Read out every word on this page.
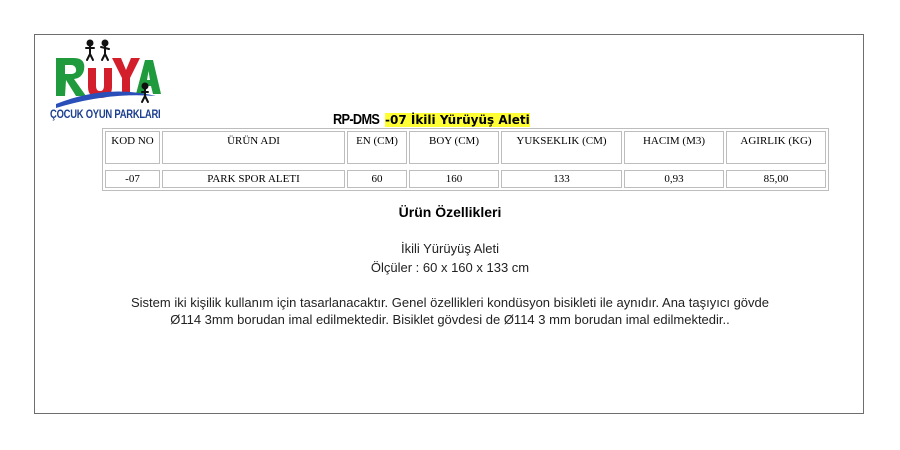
ÇOCUK OYUN PARKLARI	RP-DMS -07 İkili Yürüyüş Aleti
KOD NO	ÜRÜN ADI	EN (CM)	BOY (CM)	YUKSEKLIK (CM)	HACIM (M3)	AGIRLIK (KG)

-07	PARK SPOR ALETI	60	160	133	0,93	85,00
Ürün Özellikleri
İkili Yürüyüş Aleti
Ölçüler : 60 x 160 x 133 cm
Sistem iki kişilik kullanım için tasarlanacaktır. Genel özellikleri kondüsyon bisikleti ile aynıdır. Ana taşıyıcı gövde Ø114 3mm borudan imal edilmektedir. Bisiklet gövdesi de Ø114 3 mm borudan imal edilmektedir..
